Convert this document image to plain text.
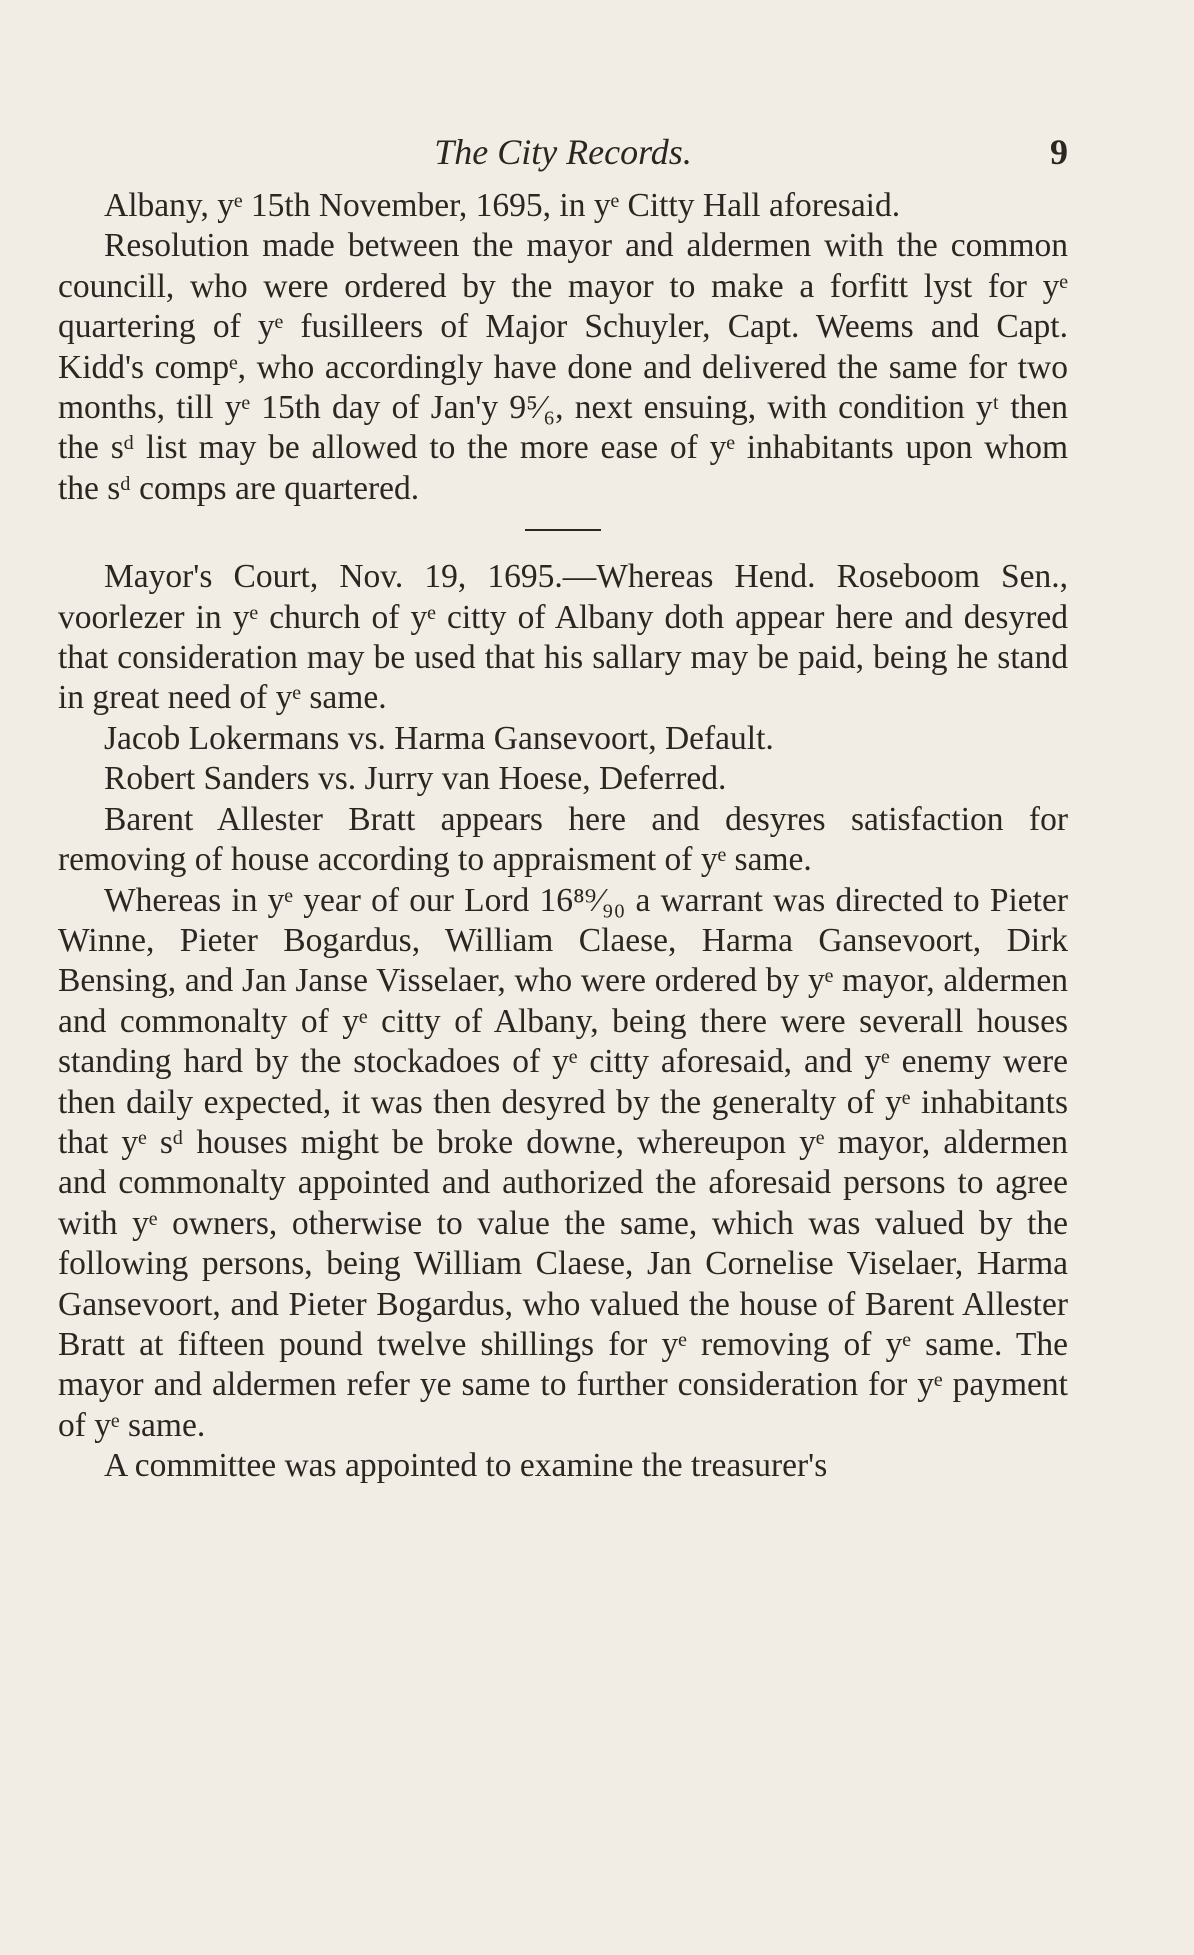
The City Records.	9

Albany, yᵉ 15th November, 1695, in yᵉ Citty Hall aforesaid.

Resolution made between the mayor and aldermen with the common councill, who were ordered by the mayor to make a forfitt lyst for yᵉ quartering of yᵉ fusilleers of Major Schuyler, Capt. Weems and Capt. Kidd's compᵉ, who accordingly have done and delivered the same for two months, till yᵉ 15th day of Jan'y 9⁵⁄₆, next ensuing, with condition yᵗ then the sᵈ list may be allowed to the more ease of yᵉ inhabitants upon whom the sᵈ comps are quartered.

Mayor's Court, Nov. 19, 1695.—Whereas Hend. Roseboom Sen., voorlezer in yᵉ church of yᵉ citty of Albany doth appear here and desyred that consideration may be used that his sallary may be paid, being he stand in great need of yᵉ same.

Jacob Lokermans vs. Harma Gansevoort, Default.

Robert Sanders vs. Jurry van Hoese, Deferred.

Barent Allester Bratt appears here and desyres satisfaction for removing of house according to appraisment of yᵉ same.

Whereas in yᵉ year of our Lord 16⁸⁹⁄₉₀ a warrant was directed to Pieter Winne, Pieter Bogardus, William Claese, Harma Gansevoort, Dirk Bensing, and Jan Janse Visselaer, who were ordered by yᵉ mayor, aldermen and commonalty of yᵉ citty of Albany, being there were severall houses standing hard by the stockadoes of yᵉ citty aforesaid, and yᵉ enemy were then daily expected, it was then desyred by the generalty of yᵉ inhabitants that yᵉ sᵈ houses might be broke downe, whereupon yᵉ mayor, aldermen and commonalty appointed and authorized the aforesaid persons to agree with yᵉ owners, otherwise to value the same, which was valued by the following persons, being William Claese, Jan Cornelise Viselaer, Harma Gansevoort, and Pieter Bogardus, who valued the house of Barent Allester Bratt at fifteen pound twelve shillings for yᵉ removing of yᵉ same. The mayor and aldermen refer ye same to further consideration for yᵉ payment of yᵉ same.

A committee was appointed to examine the treasurer's
